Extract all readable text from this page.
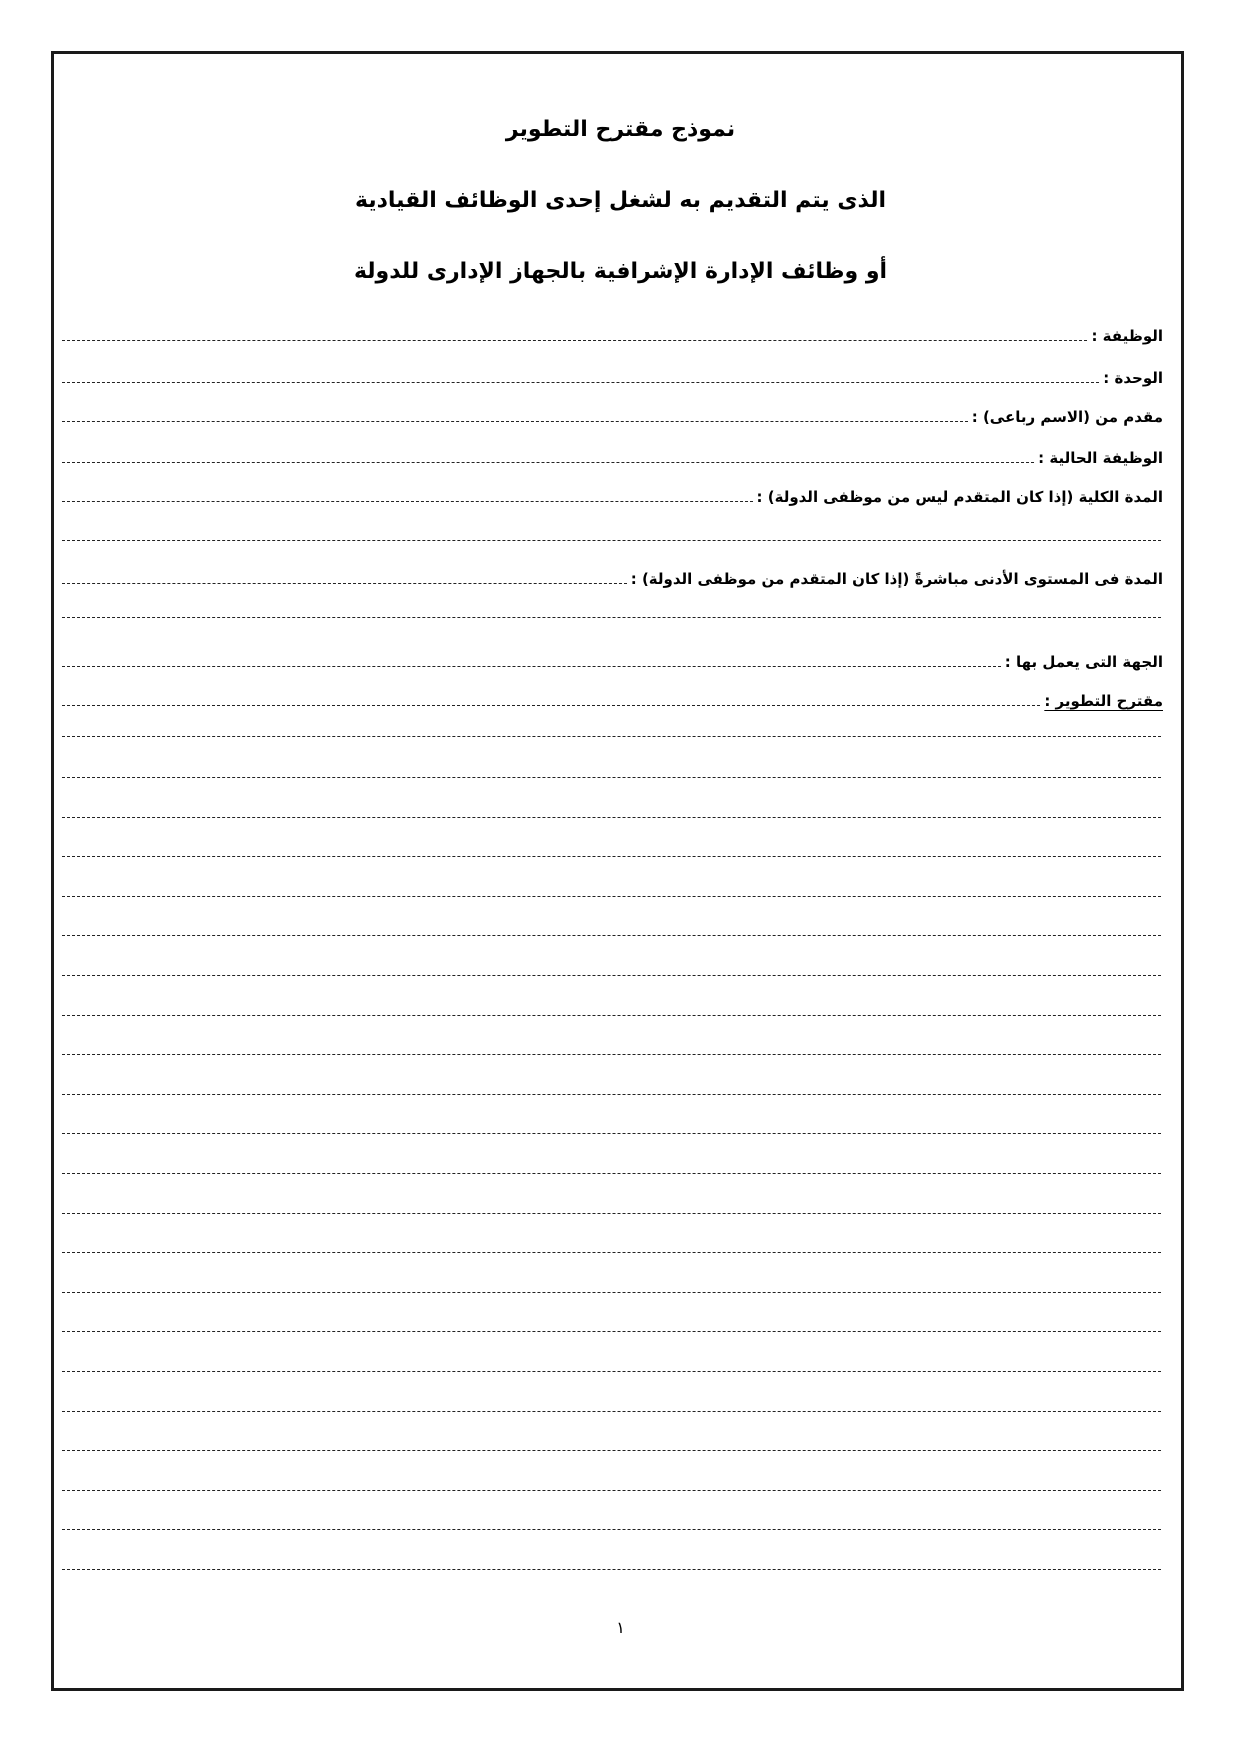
نموذج مقترح التطوير
الذى يتم التقديم به لشغل إحدى الوظائف القيادية
أو وظائف الإدارة الإشرافية بالجهاز الإدارى للدولة
الوظيفة :
الوحدة :
مقدم من (الاسم رباعى) :
الوظيفة الحالية :
المدة الكلية (إذا كان المتقدم ليس من موظفى الدولة) :
المدة فى المستوى الأدنى مباشرةً (إذا كان المتقدم من موظفى الدولة) :
الجهة التى يعمل بها :
مقترح التطوير :
١
